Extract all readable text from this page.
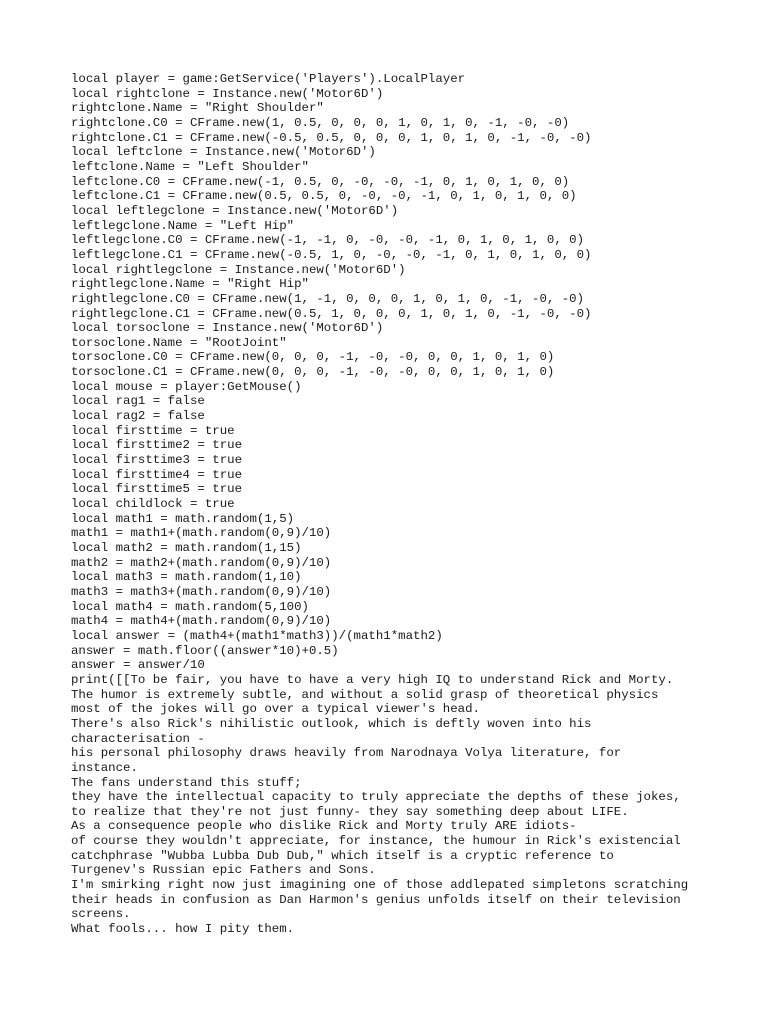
local player = game:GetService('Players').LocalPlayer
local rightclone = Instance.new('Motor6D')
rightclone.Name = "Right Shoulder"
rightclone.C0 = CFrame.new(1, 0.5, 0, 0, 0, 1, 0, 1, 0, -1, -0, -0)
rightclone.C1 = CFrame.new(-0.5, 0.5, 0, 0, 0, 1, 0, 1, 0, -1, -0, -0)
local leftclone = Instance.new('Motor6D')
leftclone.Name = "Left Shoulder"
leftclone.C0 = CFrame.new(-1, 0.5, 0, -0, -0, -1, 0, 1, 0, 1, 0, 0)
leftclone.C1 = CFrame.new(0.5, 0.5, 0, -0, -0, -1, 0, 1, 0, 1, 0, 0)
local leftlegclone = Instance.new('Motor6D')
leftlegclone.Name = "Left Hip"
leftlegclone.C0 = CFrame.new(-1, -1, 0, -0, -0, -1, 0, 1, 0, 1, 0, 0)
leftlegclone.C1 = CFrame.new(-0.5, 1, 0, -0, -0, -1, 0, 1, 0, 1, 0, 0)
local rightlegclone = Instance.new('Motor6D')
rightlegclone.Name = "Right Hip"
rightlegclone.C0 = CFrame.new(1, -1, 0, 0, 0, 1, 0, 1, 0, -1, -0, -0)
rightlegclone.C1 = CFrame.new(0.5, 1, 0, 0, 0, 1, 0, 1, 0, -1, -0, -0)
local torsoclone = Instance.new('Motor6D')
torsoclone.Name = "RootJoint"
torsoclone.C0 = CFrame.new(0, 0, 0, -1, -0, -0, 0, 0, 1, 0, 1, 0)
torsoclone.C1 = CFrame.new(0, 0, 0, -1, -0, -0, 0, 0, 1, 0, 1, 0)
local mouse = player:GetMouse()
local rag1 = false
local rag2 = false
local firsttime = true
local firsttime2 = true
local firsttime3 = true
local firsttime4 = true
local firsttime5 = true
local childlock = true
local math1 = math.random(1,5)
math1 = math1+(math.random(0,9)/10)
local math2 = math.random(1,15)
math2 = math2+(math.random(0,9)/10)
local math3 = math.random(1,10)
math3 = math3+(math.random(0,9)/10)
local math4 = math.random(5,100)
math4 = math4+(math.random(0,9)/10)
local answer = (math4+(math1*math3))/(math1*math2)
answer = math.floor((answer*10)+0.5)
answer = answer/10
print([[To be fair, you have to have a very high IQ to understand Rick and Morty.
The humor is extremely subtle, and without a solid grasp of theoretical physics
most of the jokes will go over a typical viewer's head.
There's also Rick's nihilistic outlook, which is deftly woven into his
characterisation -
his personal philosophy draws heavily from Narodnaya Volya literature, for
instance.
The fans understand this stuff;
they have the intellectual capacity to truly appreciate the depths of these jokes,
to realize that they're not just funny- they say something deep about LIFE.
As a consequence people who dislike Rick and Morty truly ARE idiots-
of course they wouldn't appreciate, for instance, the humour in Rick's existencial
catchphrase "Wubba Lubba Dub Dub," which itself is a cryptic reference to
Turgenev's Russian epic Fathers and Sons.
I'm smirking right now just imagining one of those addlepated simpletons scratching
their heads in confusion as Dan Harmon's genius unfolds itself on their television
screens.
What fools... how I pity them.
